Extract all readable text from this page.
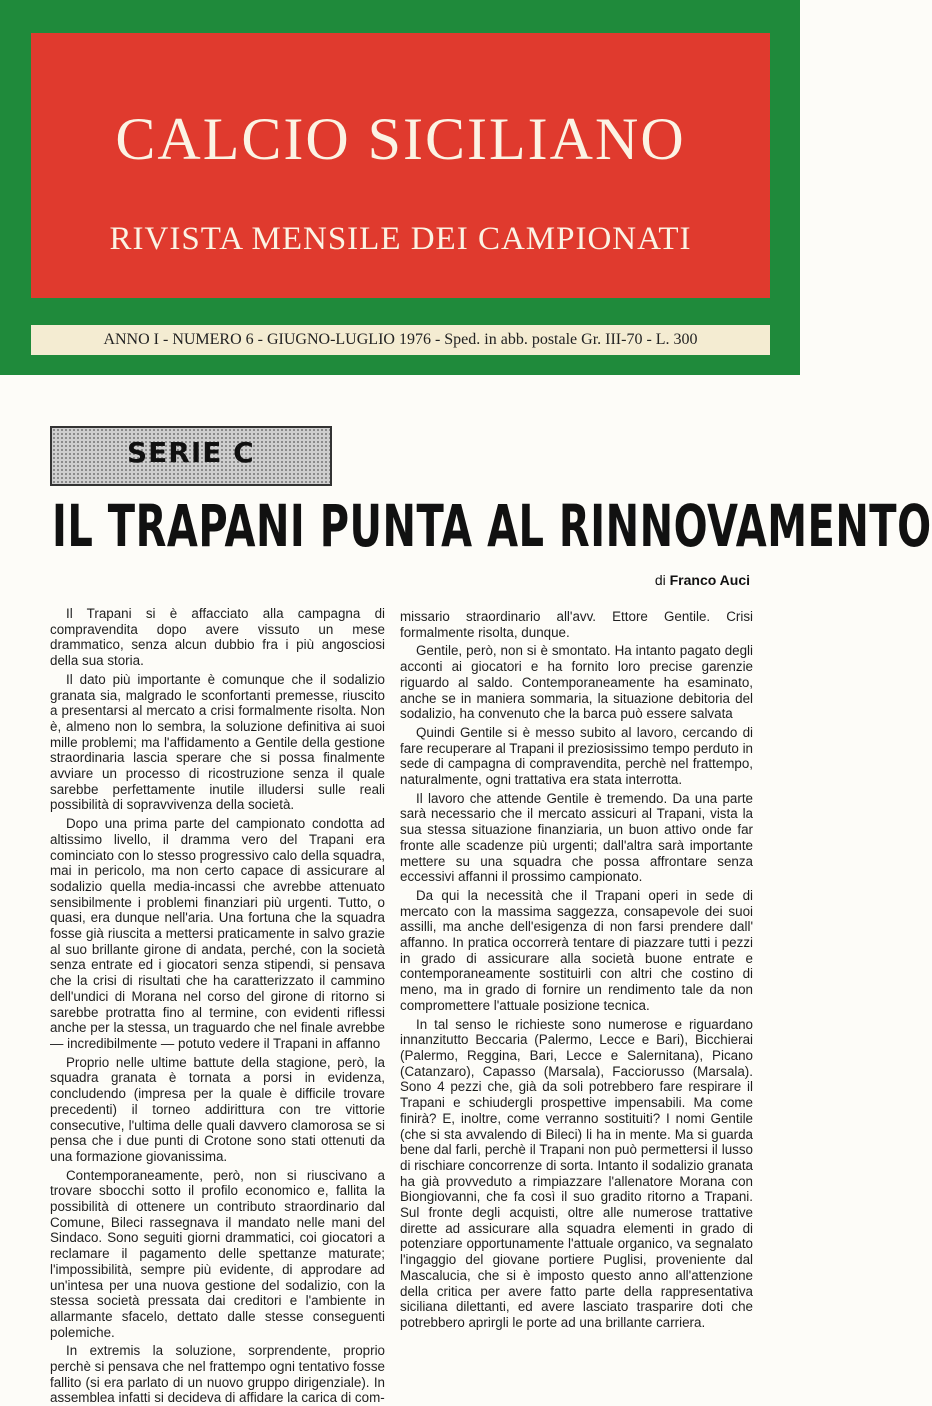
CALCIO SICILIANO
RIVISTA MENSILE DEI CAMPIONATI
ANNO I - NUMERO 6 - GIUGNO-LUGLIO 1976 - Sped. in abb. postale Gr. III-70 - L. 300
SERIE C
IL TRAPANI PUNTA AL RINNOVAMENTO
di Franco Auci

Il Trapani si è affacciato alla campagna di compravendita dopo avere vissuto un mese drammatico, senza alcun dubbio fra i più angosciosi della sua storia.

Il dato più importante è comunque che il sodalizio granata sia, malgrado le sconfortanti premesse, riuscito a presentarsi al mercato a crisi formalmente risolta. Non è, almeno non lo sembra, la soluzione definitiva ai suoi mille problemi; ma l'affidamento a Gentile della gestione straordinaria lascia sperare che si possa finalmente avviare un processo di ricostruzione senza il quale sarebbe perfettamente inutile illudersi sulle reali possibilità di sopravvivenza della società.

Dopo una prima parte del campionato condotta ad altissimo livello, il dramma vero del Trapani era cominciato con lo stesso progressivo calo della squadra, mai in pericolo, ma non certo capace di assicurare al sodalizio quella media-incassi che avrebbe attenuato sensibilmente i problemi finanziari più urgenti. Tutto, o quasi, era dunque nell'aria. Una fortuna che la squadra fosse già riuscita a mettersi praticamente in salvo grazie al suo brillante girone di andata, perché, con la società senza entrate ed i giocatori senza stipendi, si pensava che la crisi di risultati che ha caratterizzato il cammino dell'undici di Morana nel corso del girone di ritorno si sarebbe protratta fino al termine, con evidenti riflessi anche per la stessa, un traguardo che nel finale avrebbe — incredibilmente — potuto vedere il Trapani in affanno

Proprio nelle ultime battute della stagione, però, la squadra granata è tornata a porsi in evidenza, concludendo (impresa per la quale è difficile trovare precedenti) il torneo addirittura con tre vittorie consecutive, l'ultima delle quali davvero clamorosa se si pensa che i due punti di Crotone sono stati ottenuti da una formazione giovanissima.

Contemporaneamente, però, non si riuscivano a trovare sbocchi sotto il profilo economico e, fallita la possibilità di ottenere un contributo straordinario dal Comune, Bileci rassegnava il mandato nelle mani del Sindaco. Sono seguiti giorni drammatici, coi giocatori a reclamare il pagamento delle spettanze maturate; l'impossibilità, sempre più evidente, di approdare ad un'intesa per una nuova gestione del sodalizio, con la stessa società pressata dai creditori e l'ambiente in allarmante sfacelo, dettato dalle stesse conseguenti polemiche.

In extremis la soluzione, sorprendente, proprio perchè si pensava che nel frattempo ogni tentativo fosse fallito (si era parlato di un nuovo gruppo dirigenziale). In assemblea infatti si decideva di affidare la carica di com-

missario straordinario all'avv. Ettore Gentile. Crisi formalmente risolta, dunque.

Gentile, però, non si è smontato. Ha intanto pagato degli acconti ai giocatori e ha fornito loro precise garenzie riguardo al saldo. Contemporaneamente ha esaminato, anche se in maniera sommaria, la situazione debitoria del sodalizio, ha convenuto che la barca può essere salvata

Quindi Gentile si è messo subito al lavoro, cercando di fare recuperare al Trapani il preziosissimo tempo perduto in sede di campagna di compravendita, perchè nel frattempo, naturalmente, ogni trattativa era stata interrotta.

Il lavoro che attende Gentile è tremendo. Da una parte sarà necessario che il mercato assicuri al Trapani, vista la sua stessa situazione finanziaria, un buon attivo onde far fronte alle scadenze più urgenti; dall'altra sarà importante mettere su una squadra che possa affrontare senza eccessivi affanni il prossimo campionato.

Da qui la necessità che il Trapani operi in sede di mercato con la massima saggezza, consapevole dei suoi assilli, ma anche dell'esigenza di non farsi prendere dall' affanno. In pratica occorrerà tentare di piazzare tutti i pezzi in grado di assicurare alla società buone entrate e contemporaneamente sostituirli con altri che costino di meno, ma in grado di fornire un rendimento tale da non compromettere l'attuale posizione tecnica.

In tal senso le richieste sono numerose e riguardano innanzitutto Beccaria (Palermo, Lecce e Bari), Bicchierai (Palermo, Reggina, Bari, Lecce e Salernitana), Picano (Catanzaro), Capasso (Marsala), Facciorusso (Marsala). Sono 4 pezzi che, già da soli potrebbero fare respirare il Trapani e schiudergli prospettive impensabili. Ma come finirà? E, inoltre, come verranno sostituiti? I nomi Gentile (che si sta avvalendo di Bileci) li ha in mente. Ma si guarda bene dal farli, perchè il Trapani non può permettersi il lusso di rischiare concorrenze di sorta. Intanto il sodalizio granata ha già provveduto a rimpiazzare l'allenatore Morana con Biongiovanni, che fa così il suo gradito ritorno a Trapani. Sul fronte degli acquisti, oltre alle numerose trattative dirette ad assicurare alla squadra elementi in grado di potenziare opportunamente l'attuale organico, va segnalato l'ingaggio del giovane portiere Puglisi, proveniente dal Mascalucia, che si è imposto questo anno all'attenzione della critica per avere fatto parte della rappresentativa siciliana dilettanti, ed avere lasciato trasparire doti che potrebbero aprirgli le porte ad una brillante carriera.
